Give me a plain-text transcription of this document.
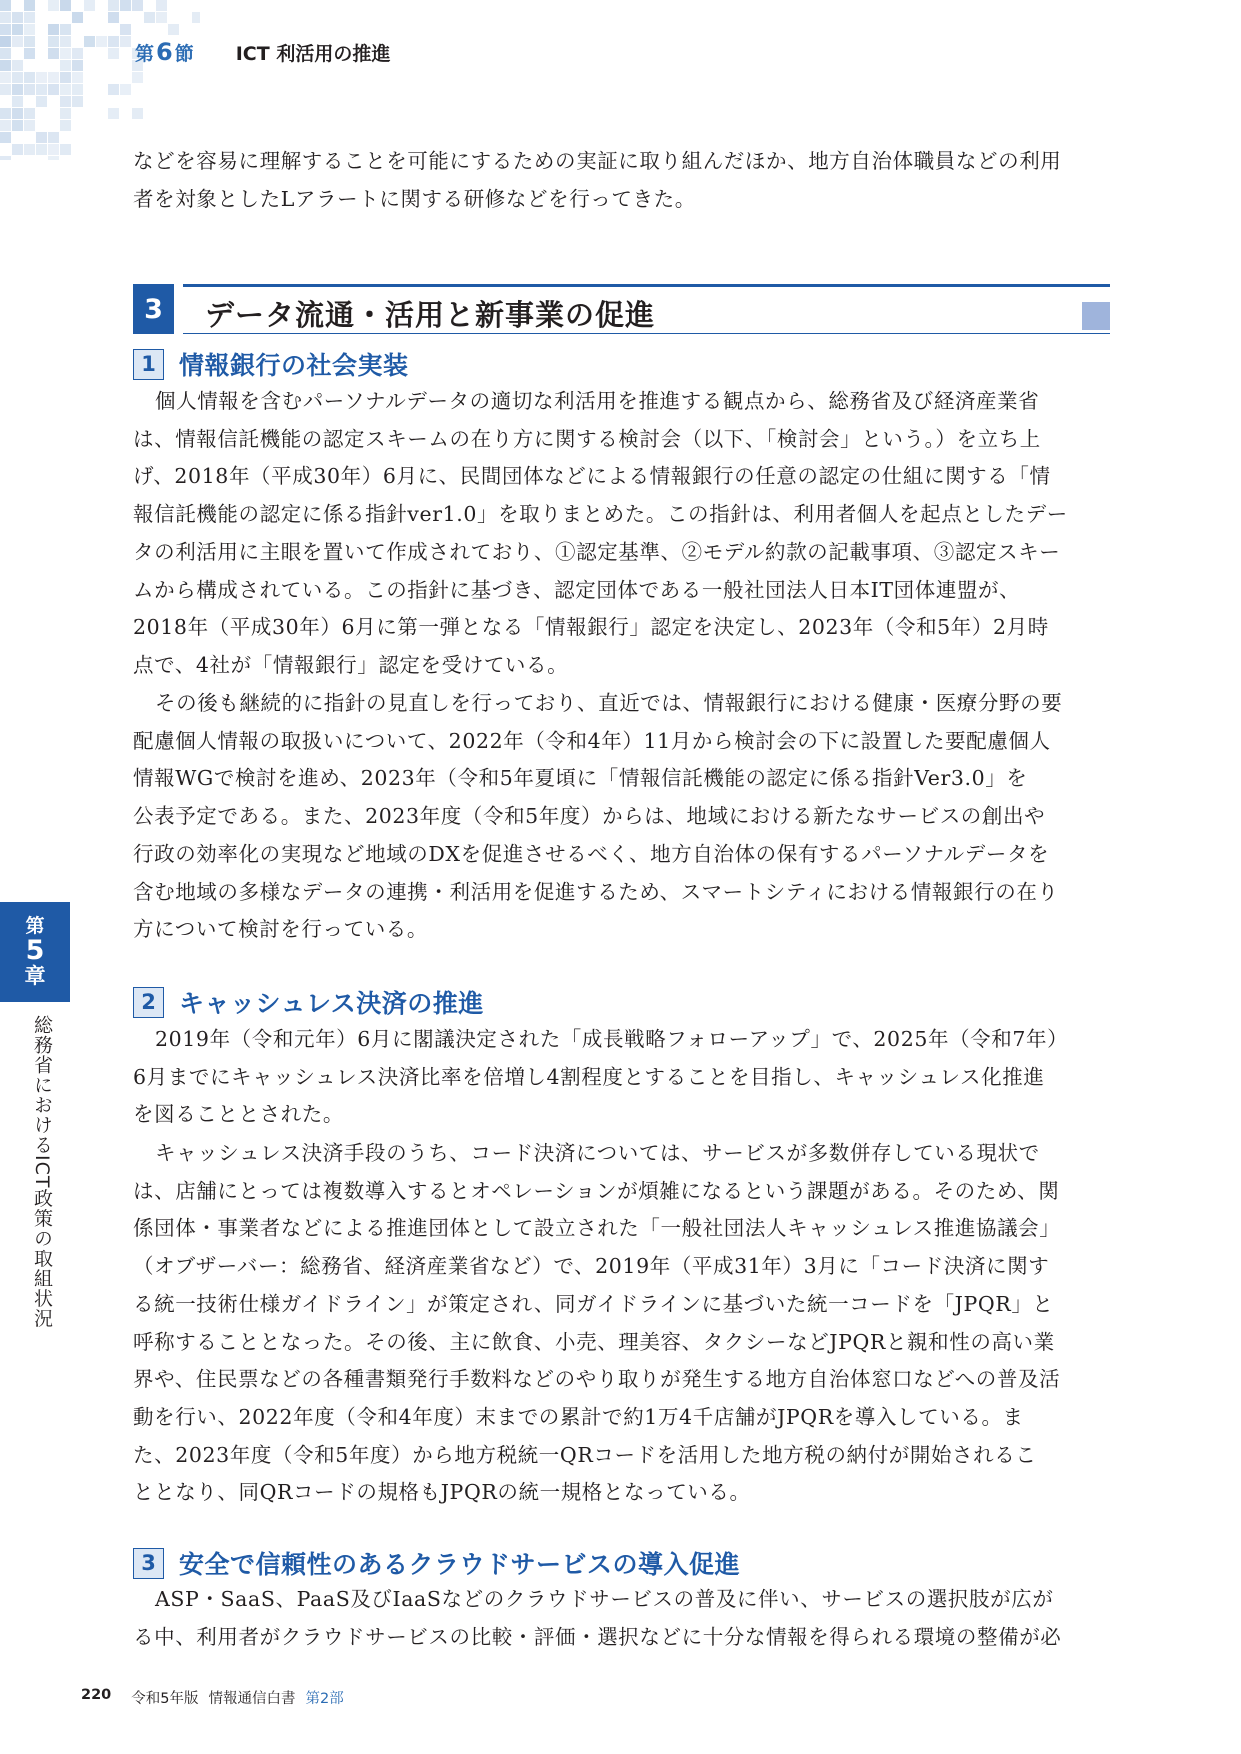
第 6 節 ICT 利活用の推進

などを容易に理解することを可能にするための実証に取り組んだほか、地方自治体職員などの利用
者を対象としたLアラートに関する研修などを行ってきた。

3	データ流通・活用と新事業の促進
1 情報銀行の社会実装

個人情報を含むパーソナルデータの適切な利活用を推進する観点から、総務省及び経済産業省
は、情報信託機能の認定スキームの在り方に関する検討会（以下、「検討会」という。）を立ち上
げ、2018年（平成30年）6月に、民間団体などによる情報銀行の任意の認定の仕組に関する「情
報信託機能の認定に係る指針ver1.0」を取りまとめた。この指針は、利用者個人を起点としたデー
タの利活用に主眼を置いて作成されており、①認定基準、②モデル約款の記載事項、③認定スキー
ムから構成されている。この指針に基づき、認定団体である一般社団法人日本IT団体連盟が、
2018年（平成30年）6月に第一弾となる「情報銀行」認定を決定し、2023年（令和5年）2月時
点で、4社が「情報銀行」認定を受けている。

その後も継続的に指針の見直しを行っており、直近では、情報銀行における健康・医療分野の要
配慮個人情報の取扱いについて、2022年（令和4年）11月から検討会の下に設置した要配慮個人
情報WGで検討を進め、2023年（令和5年夏頃に「情報信託機能の認定に係る指針Ver3.0」を
公表予定である。また、2023年度（令和5年度）からは、地域における新たなサービスの創出や
行政の効率化の実現など地域のDXを促進させるべく、地方自治体の保有するパーソナルデータを
含む地域の多様なデータの連携・利活用を促進するため、スマートシティにおける情報銀行の在り
方について検討を行っている。

2 キャッシュレス決済の推進

2019年（令和元年）6月に閣議決定された「成長戦略フォローアップ」で、2025年（令和7年）
6月までにキャッシュレス決済比率を倍増し4割程度とすることを目指し、キャッシュレス化推進
を図ることとされた。

キャッシュレス決済手段のうち、コード決済については、サービスが多数併存している現状で
は、店舗にとっては複数導入するとオペレーションが煩雑になるという課題がある。そのため、関
係団体・事業者などによる推進団体として設立された「一般社団法人キャッシュレス推進協議会」
（オブザーバー：総務省、経済産業省など）で、2019年（平成31年）3月に「コード決済に関す
る統一技術仕様ガイドライン」が策定され、同ガイドラインに基づいた統一コードを「JPQR」と
呼称することとなった。その後、主に飲食、小売、理美容、タクシーなどJPQRと親和性の高い業
界や、住民票などの各種書類発行手数料などのやり取りが発生する地方自治体窓口などへの普及活
動を行い、2022年度（令和4年度）末までの累計で約1万4千店舗がJPQRを導入している。ま
た、2023年度（令和5年度）から地方税統一QRコードを活用した地方税の納付が開始されるこ
ととなり、同QRコードの規格もJPQRの統一規格となっている。

3 安全で信頼性のあるクラウドサービスの導入促進

ASP・SaaS、PaaS及びIaaSなどのクラウドサービスの普及に伴い、サービスの選択肢が広が
る中、利用者がクラウドサービスの比較・評価・選択などに十分な情報を得られる環境の整備が必

第
5
章
総務省におけるICT政策の取組状況
220 令和5年版 情報通信白書 第2部
